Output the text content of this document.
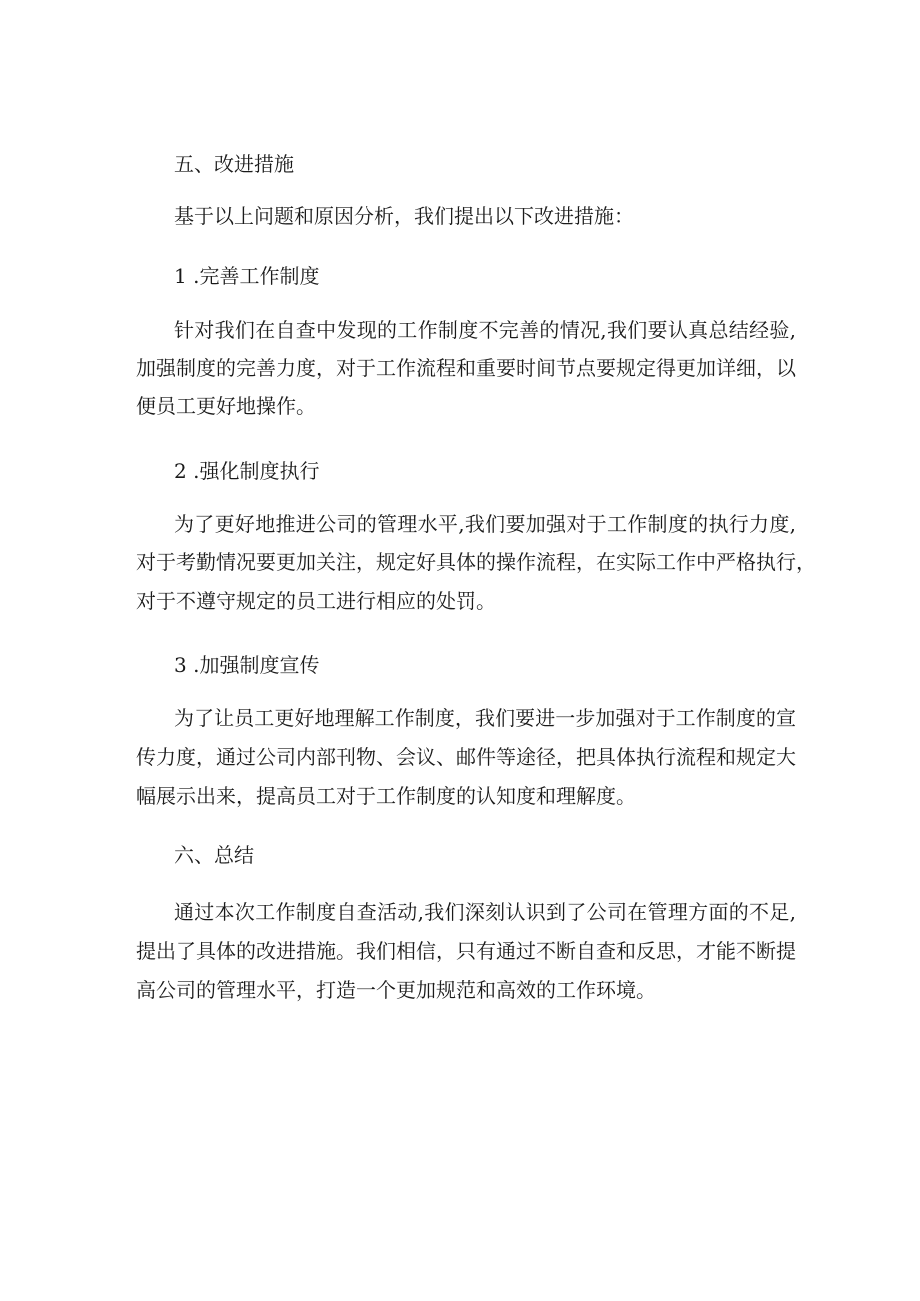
五、改进措施
基于以上问题和原因分析，我们提出以下改进措施：
1 .完善工作制度
针对我们在自查中发现的工作制度不完善的情况,我们要认真总结经验,
加强制度的完善力度，对于工作流程和重要时间节点要规定得更加详细，以
便员工更好地操作。
2 .强化制度执行
为了更好地推进公司的管理水平,我们要加强对于工作制度的执行力度,
对于考勤情况要更加关注，规定好具体的操作流程，在实际工作中严格执行，
对于不遵守规定的员工进行相应的处罚。
3 .加强制度宣传
为了让员工更好地理解工作制度，我们要进一步加强对于工作制度的宣
传力度，通过公司内部刊物、会议、邮件等途径，把具体执行流程和规定大
幅展示出来，提高员工对于工作制度的认知度和理解度。
六、总结
通过本次工作制度自查活动,我们深刻认识到了公司在管理方面的不足,
提出了具体的改进措施。我们相信，只有通过不断自查和反思，才能不断提
高公司的管理水平，打造一个更加规范和高效的工作环境。
